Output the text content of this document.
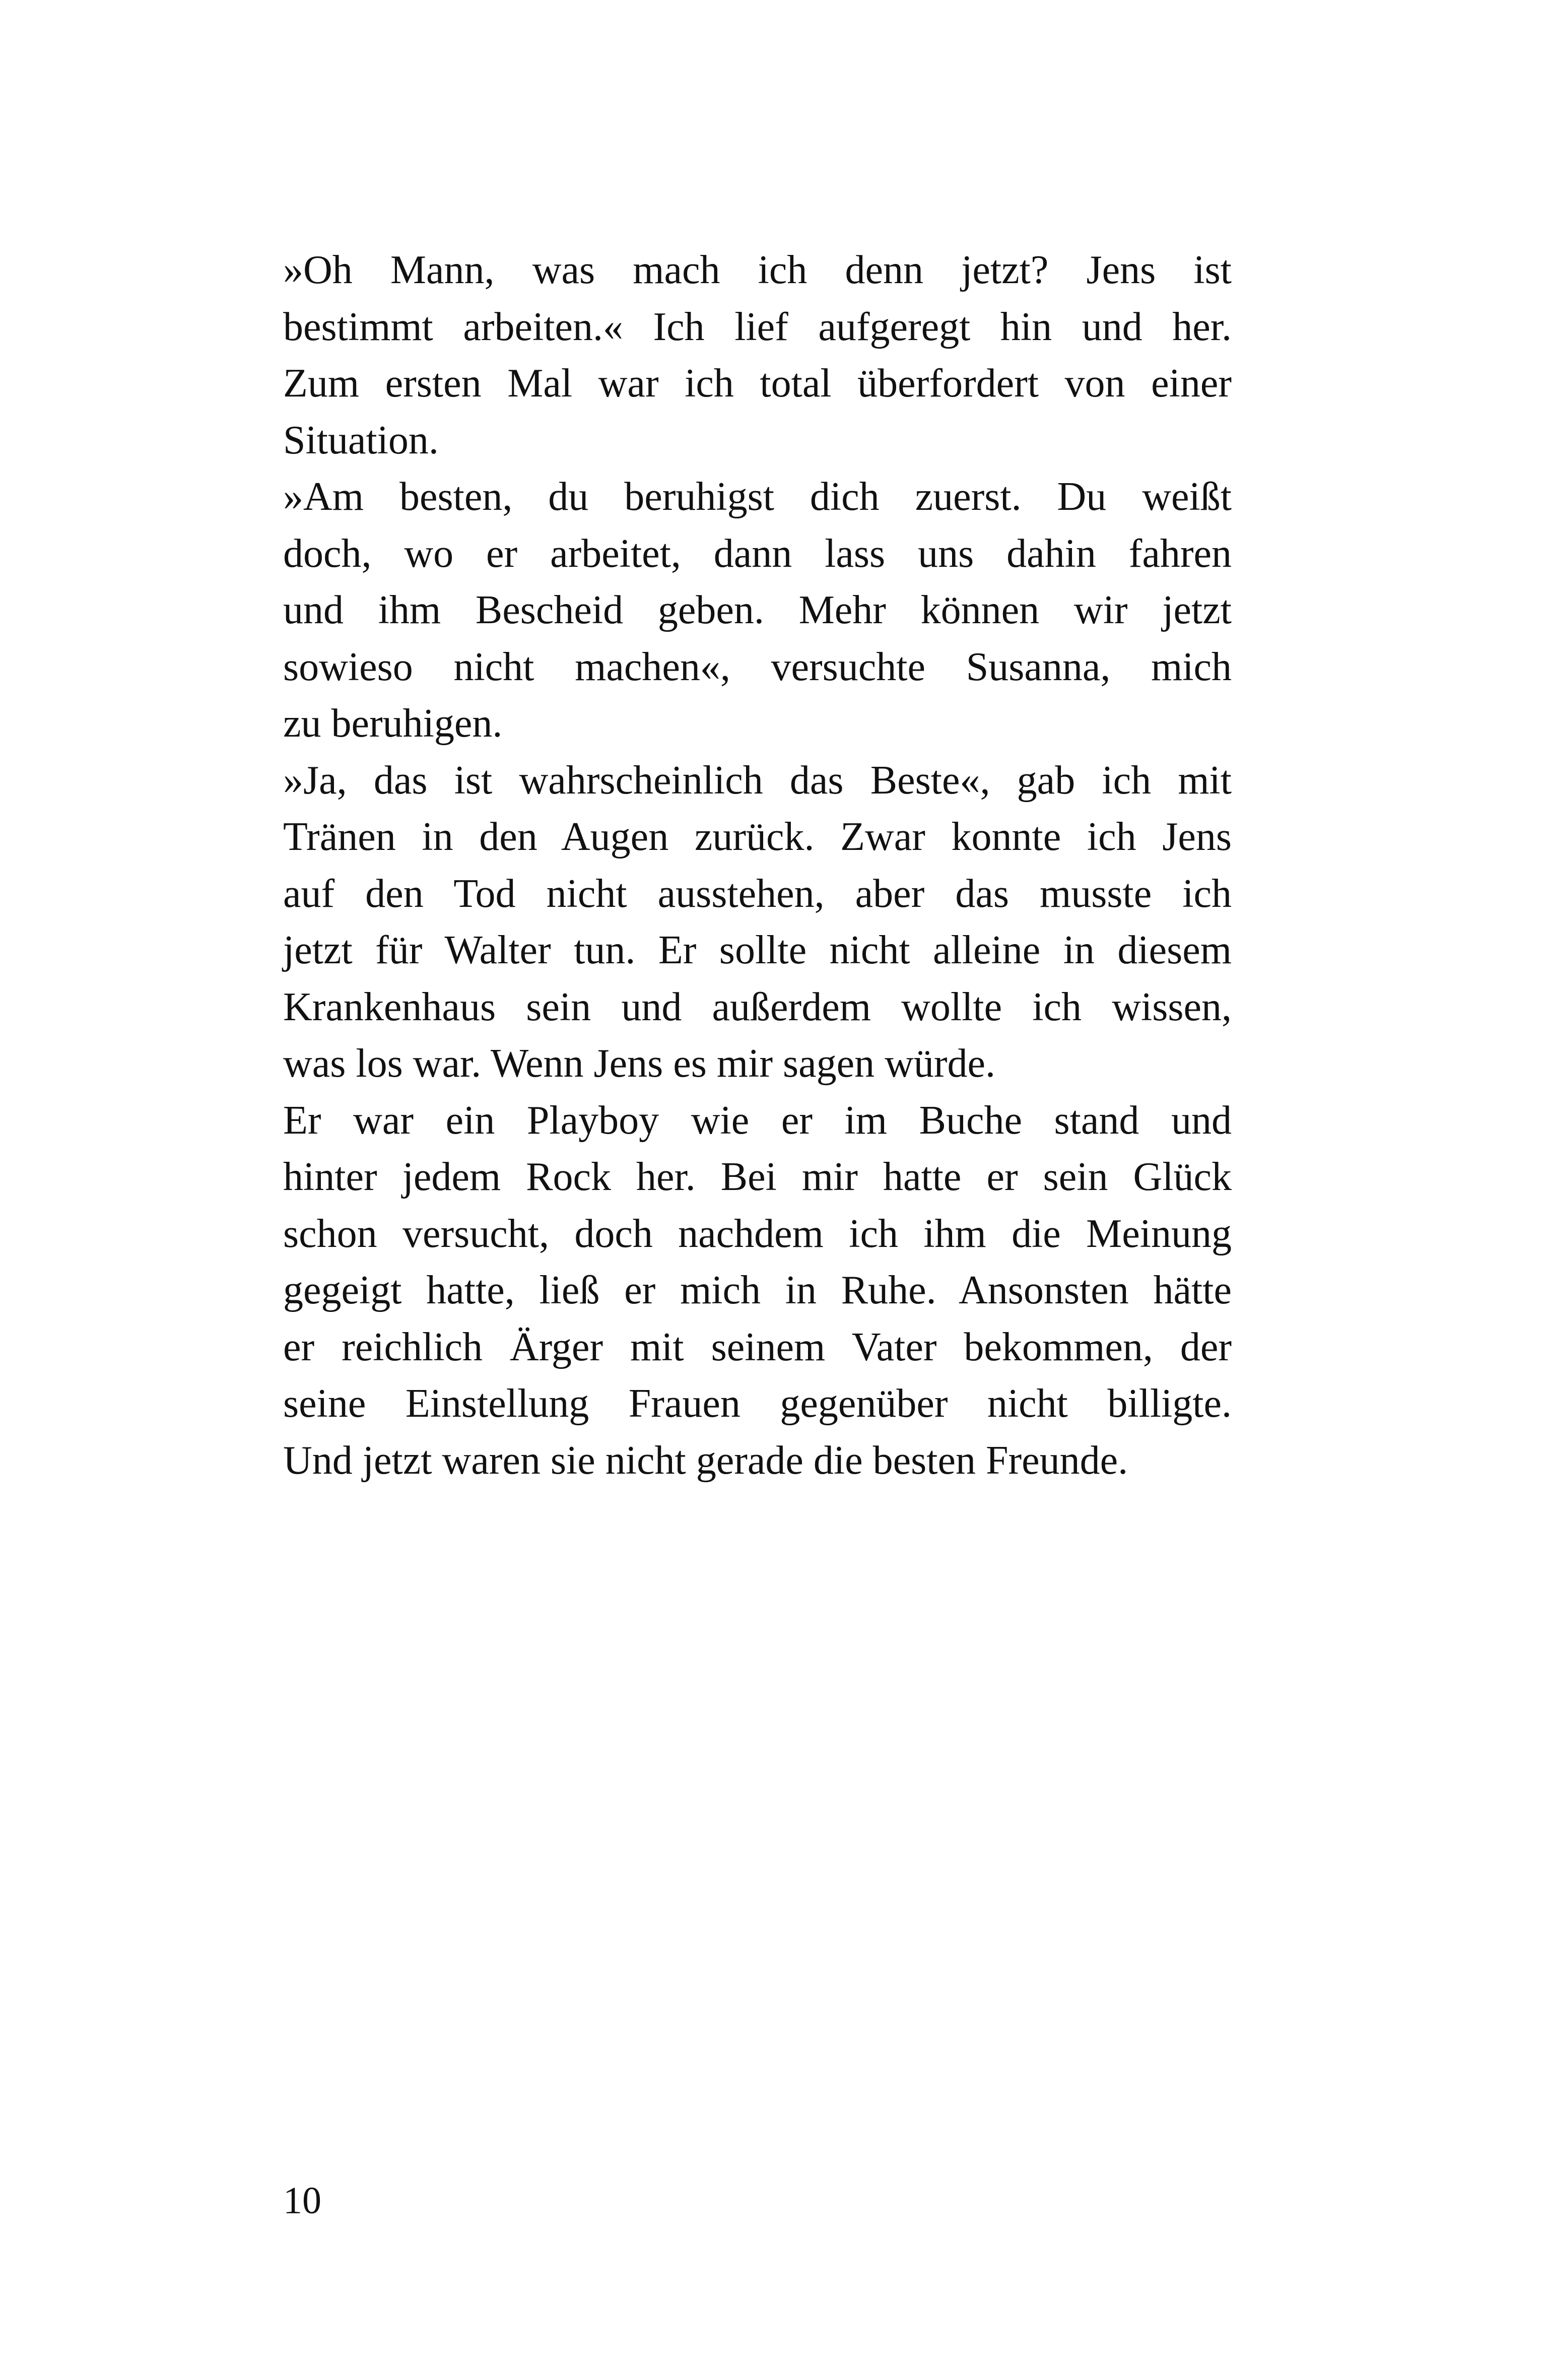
»Oh Mann, was mach ich denn jetzt? Jens ist
bestimmt arbeiten.« Ich lief aufgeregt hin und her.
Zum ersten Mal war ich total überfordert von einer
Situation.

»Am besten, du beruhigst dich zuerst. Du weißt
doch, wo er arbeitet, dann lass uns dahin fahren
und ihm Bescheid geben. Mehr können wir jetzt
sowieso nicht machen«, versuchte Susanna, mich
zu beruhigen.

»Ja, das ist wahrscheinlich das Beste«, gab ich mit
Tränen in den Augen zurück. Zwar konnte ich Jens
auf den Tod nicht ausstehen, aber das musste ich
jetzt für Walter tun. Er sollte nicht alleine in diesem
Krankenhaus sein und außerdem wollte ich wissen,
was los war. Wenn Jens es mir sagen würde.

Er war ein Playboy wie er im Buche stand und
hinter jedem Rock her. Bei mir hatte er sein Glück
schon versucht, doch nachdem ich ihm die Meinung
gegeigt hatte, ließ er mich in Ruhe. Ansonsten hätte
er reichlich Ärger mit seinem Vater bekommen, der
seine Einstellung Frauen gegenüber nicht billigte.
Und jetzt waren sie nicht gerade die besten Freunde.

10
